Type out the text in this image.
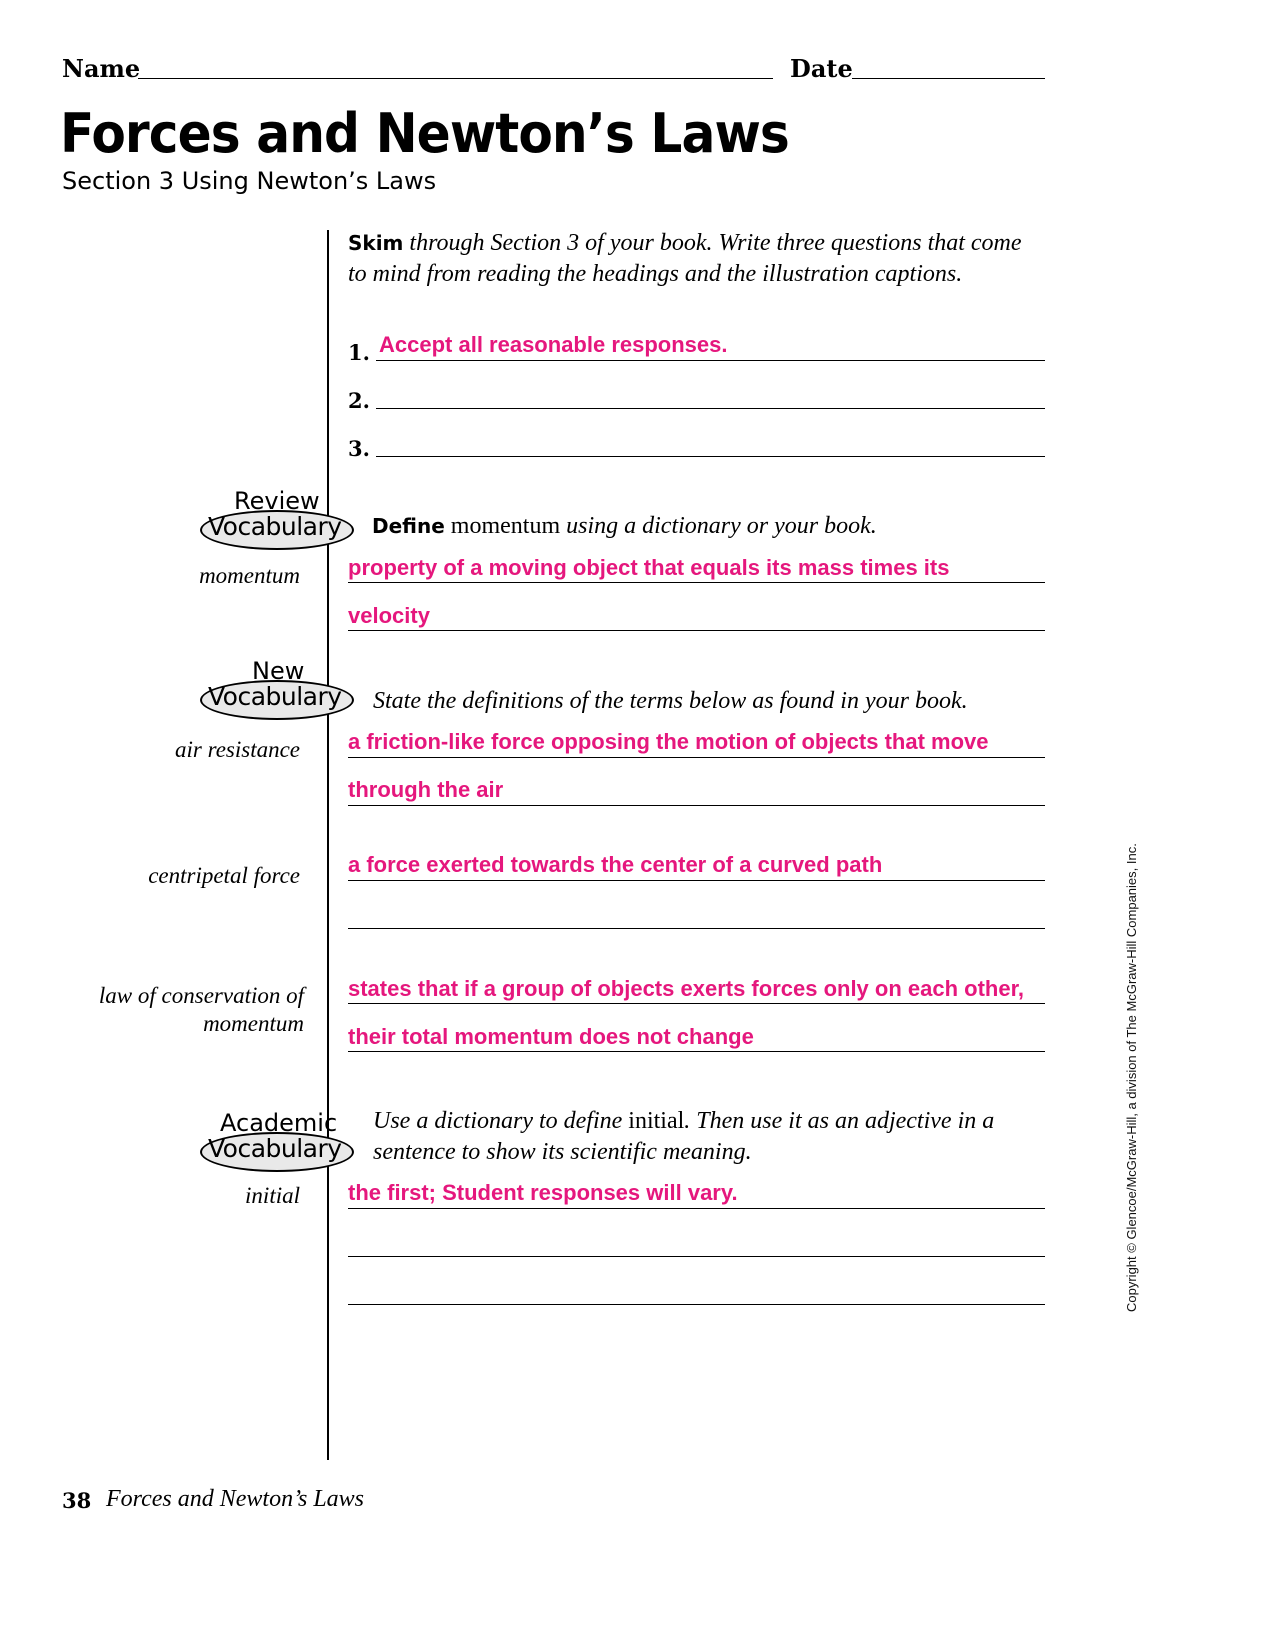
Name	Date
Forces and Newton’s Laws
Section 3 Using Newton’s Laws
Skim through Section 3 of your book. Write three questions that come to mind from reading the headings and the illustration captions.
1. Accept all reasonable responses.
2.
3.
Review
Vocabulary Define momentum using a dictionary or your book.
momentum property of a moving object that equals its mass times its
velocity
New
Vocabulary State the definitions of the terms below as found in your book.
air resistance a friction-like force opposing the motion of objects that move
through the air
centripetal force a force exerted towards the center of a curved path
law of conservation of momentum
states that if a group of objects exerts forces only on each other,
their total momentum does not change
Academic
Vocabulary
Use a dictionary to define initial. Then use it as an adjective in a sentence to show its scientific meaning.
initial the first; Student responses will vary.	Copyright © Glencoe/McGraw-Hill, a division of The McGraw-Hill Companies, Inc.
38 Forces and Newton’s Laws
